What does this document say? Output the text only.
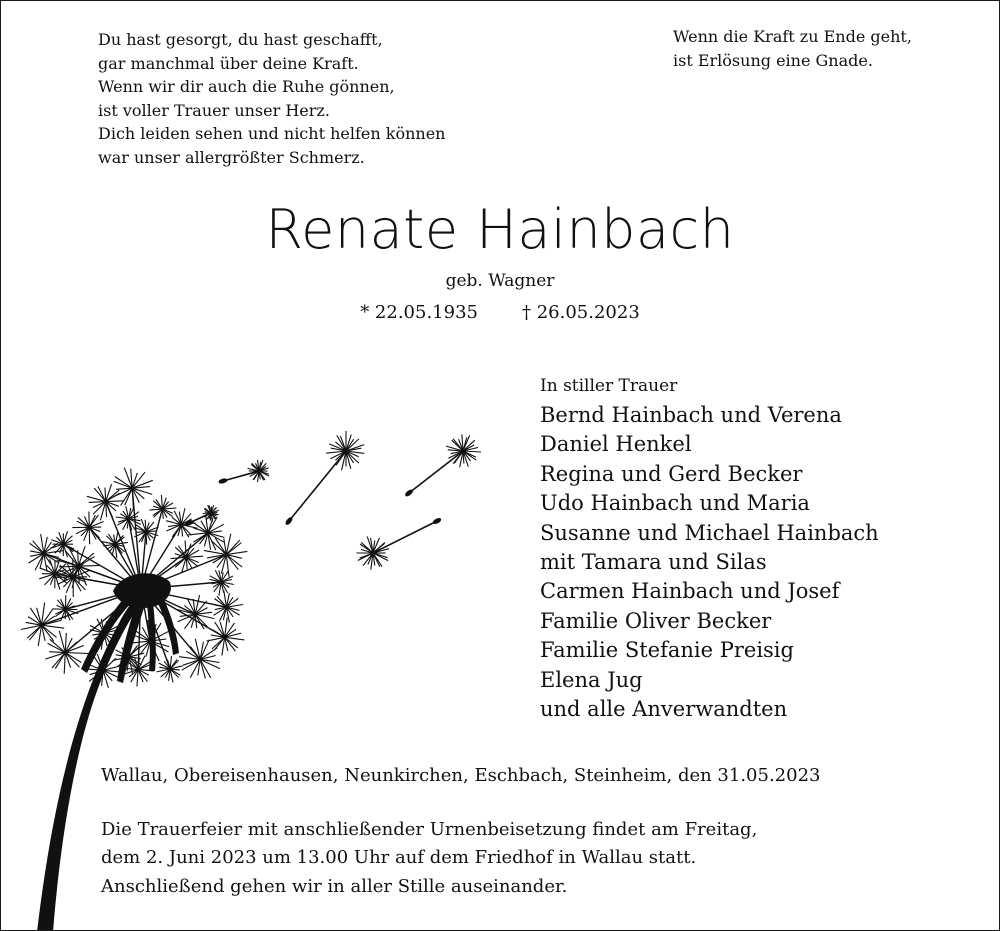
Du hast gesorgt, du hast geschafft,
gar manchmal über deine Kraft.
Wenn wir dir auch die Ruhe gönnen,
ist voller Trauer unser Herz.
Dich leiden sehen und nicht helfen können
war unser allergrößter Schmerz.

Wenn die Kraft zu Ende geht,
ist Erlösung eine Gnade.

Renate Hainbach
geb. Wagner
* 22.05.1935 † 26.05.2023
In stiller Trauer
Bernd Hainbach und Verena
Daniel Henkel
Regina und Gerd Becker
Udo Hainbach und Maria
Susanne und Michael Hainbach
mit Tamara und Silas
Carmen Hainbach und Josef
Familie Oliver Becker
Familie Stefanie Preisig
Elena Jug
und alle Anverwandten

Wallau, Obereisenhausen, Neunkirchen, Eschbach, Steinheim, den 31.05.2023

Die Trauerfeier mit anschließender Urnenbeisetzung findet am Freitag,
dem 2. Juni 2023 um 13.00 Uhr auf dem Friedhof in Wallau statt.
Anschließend gehen wir in aller Stille auseinander.
